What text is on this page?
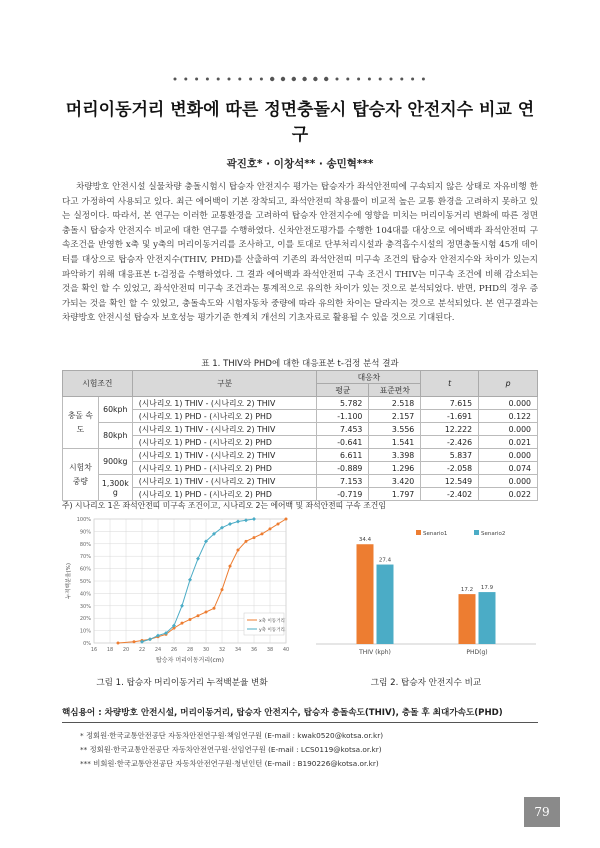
머리이동거리 변화에 따른 정면충돌시 탑승자 안전지수 비교 연구
곽진호* · 이창석** · 송민혁***
차량방호 안전시설 실물차량 충돌시험시 탑승자 안전지수 평가는 탑승자가 좌석안전띠에 구속되지 않은 상태로 자유비행 한다고 가정하여 사용되고 있다. 최근 에어백이 기본 장착되고, 좌석안전띠 착용률이 비교적 높은 교통 환경을 고려하지 못하고 있는 실정이다. 따라서, 본 연구는 이러한 교통환경을 고려하여 탑승자 안전지수에 영향을 미치는 머리이동거리 변화에 따른 정면충돌시 탑승자 안전지수 비교에 대한 연구를 수행하였다. 신차안전도평가를 수행한 104대를 대상으로 에어백과 좌석안전띠 구속조건을 반영한 x축 및 y축의 머리이동거리를 조사하고, 이를 토대로 단부처리시설과 충격흡수시설의 정면충돌시험 45개 데이터를 대상으로 탑승자 안전지수(THIV, PHD)를 산출하여 기존의 좌석안전띠 미구속 조건의 탑승자 안전지수와 차이가 있는지 파악하기 위해 대응표본 t-검정을 수행하였다. 그 결과 에어백과 좌석안전띠 구속 조건시 THIV는 미구속 조건에 비해 감소되는 것을 확인 할 수 있었고, 좌석안전띠 미구속 조건과는 통계적으로 유의한 차이가 있는 것으로 분석되었다. 반면, PHD의 경우 증가되는 것을 확인 할 수 있었고, 충돌속도와 시험자동차 중량에 따라 유의한 차이는 달라지는 것으로 분석되었다. 본 연구결과는 차량방호 안전시설 탑승자 보호성능 평가기준 한계치 개선의 기초자료로 활용될 수 있을 것으로 기대된다.
표 1. THIV와 PHD에 대한 대응표본 t-검정 분석 결과
시험조건		구분	대응차		t	p
			평균	표준편차		
충돌 속도	60kph	(시나리오 1) THIV - (시나리오 2) THIV	5.782	2.518	7.615	0.000
		(시나리오 1) PHD - (시나리오 2) PHD	-1.100	2.157	-1.691	0.122
	80kph	(시나리오 1) THIV - (시나리오 2) THIV	7.453	3.556	12.222	0.000
		(시나리오 1) PHD - (시나리오 2) PHD	-0.641	1.541	-2.426	0.021
시험차 중량	900kg	(시나리오 1) THIV - (시나리오 2) THIV	6.611	3.398	5.837	0.000
		(시나리오 1) PHD - (시나리오 2) PHD	-0.889	1.296	-2.058	0.074
	1,300kg	(시나리오 1) THIV - (시나리오 2) THIV	7.153	3.420	12.549	0.000
		(시나리오 1) PHD - (시나리오 2) PHD	-0.719	1.797	-2.402	0.022
주) 시나리오 1은 좌석안전띠 미구속 조건이고, 시나리오 2는 에어백 및 좌석안전띠 구속 조건임
0%
10%
20%
30%
40%
50%
60%
70%
80%
90%
100%
16 18 20 22 24 26 28 30 32 34 36 38 40
탑승자 머리이동거리(cm)
누적백분율(%)
x축 이동거리
y축 이동거리
34.4
27.4
THIV (kph)
17.2 17.9
PHD(g)
Senario1	Senario2
그림 1. 탑승자 머리이동거리 누적백분율 변화	그림 2. 탑승자 안전지수 비교
핵심용어 : 차량방호 안전시설, 머리이동거리, 탑승자 안전지수, 탑승자 충돌속도(THIV), 충돌 후 최대가속도(PHD)
* 정회원·한국교통안전공단 자동차안전연구원·책임연구원 (E-mail : kwak0520@kotsa.or.kr)
** 정회원·한국교통안전공단 자동차안전연구원·선임연구원 (E-mail : LCS0119@kotsa.or.kr)
*** 비회원·한국교통안전공단 자동차안전연구원·청년인턴 (E-mail : B190226@kotsa.or.kr)
79
